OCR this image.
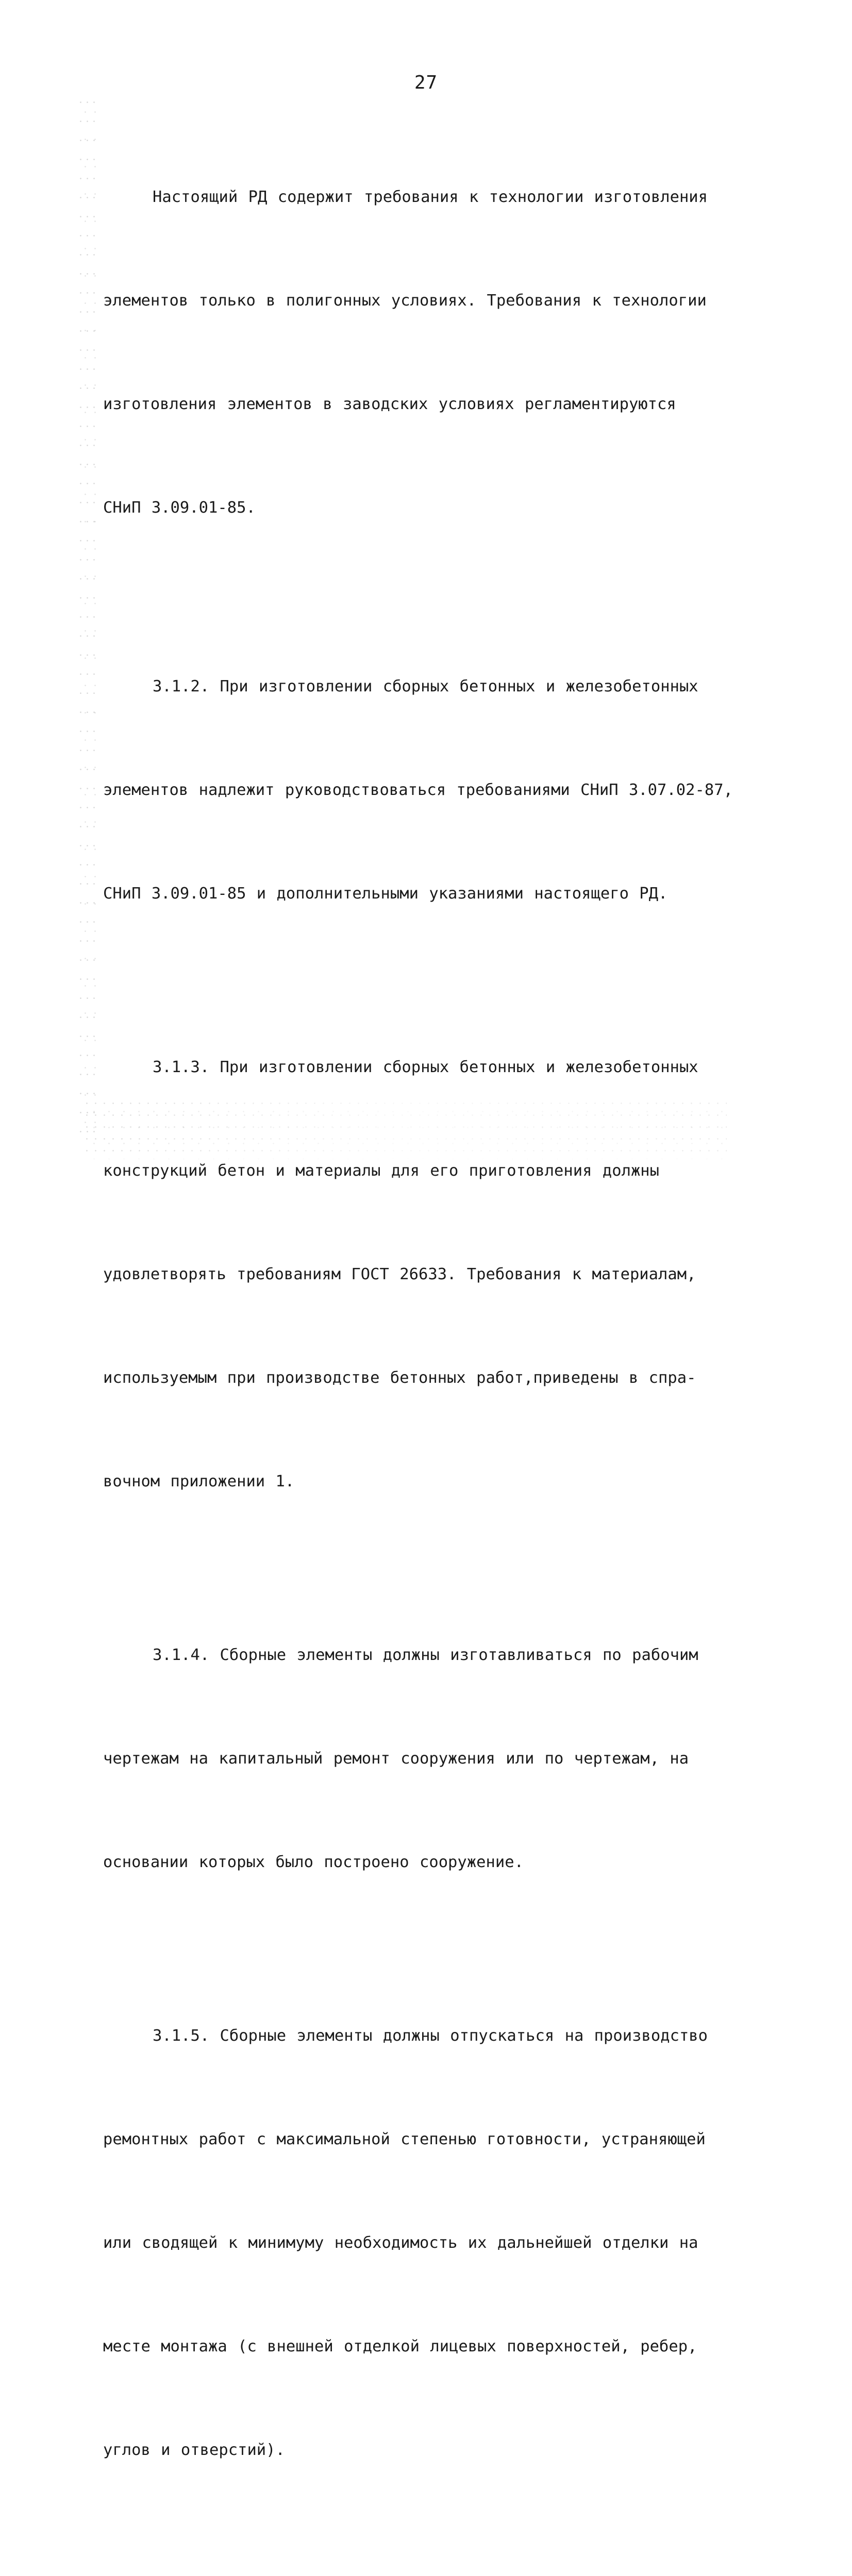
27

Настоящий РД содержит требования к технологии изготовления

элементов только в полигонных условиях. Требования к технологии

изготовления элементов в заводских условиях регламентируются

СНиП 3.09.01-85.

3.1.2. При изготовлении сборных бетонных и железобетонных

элементов надлежит руководствоваться требованиями СНиП 3.07.02-87,

СНиП 3.09.01-85 и дополнительными указаниями настоящего РД.

3.1.3. При изготовлении сборных бетонных и железобетонных

конструкций бетон и материалы для его приготовления должны

удовлетворять требованиям ГОСТ 26633. Требования к материалам,

используемым при производстве бетонных работ,приведены в спра-

вочном приложении 1.

3.1.4. Сборные элементы должны изготавливаться по рабочим

чертежам на капитальный ремонт сооружения или по чертежам, на

основании которых было построено сооружение.

3.1.5. Сборные элементы должны отпускаться на производство

ремонтных работ с максимальной степенью готовности, устраняющей

или сводящей к минимуму необходимость их дальнейшей отделки на

месте монтажа (с внешней отделкой лицевых поверхностей, ребер,

углов и отверстий).
